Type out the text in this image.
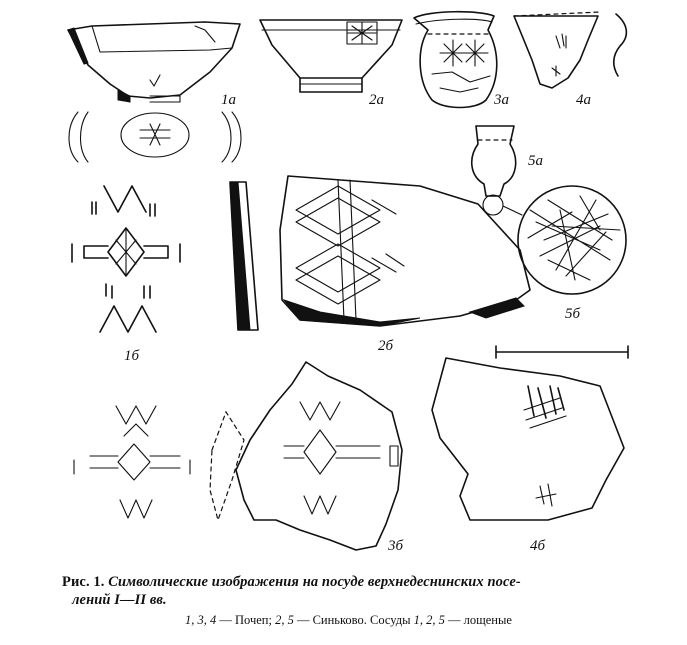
1а	2а	3а	4а
5а
5б
1б
2б
3б	4б
Рис. 1. Символические изображения на посуде верхнедеснинских посе-
лений I—II вв.
1, 3, 4 — Почеп; 2, 5 — Синьково. Сосуды 1, 2, 5 — лощеные
